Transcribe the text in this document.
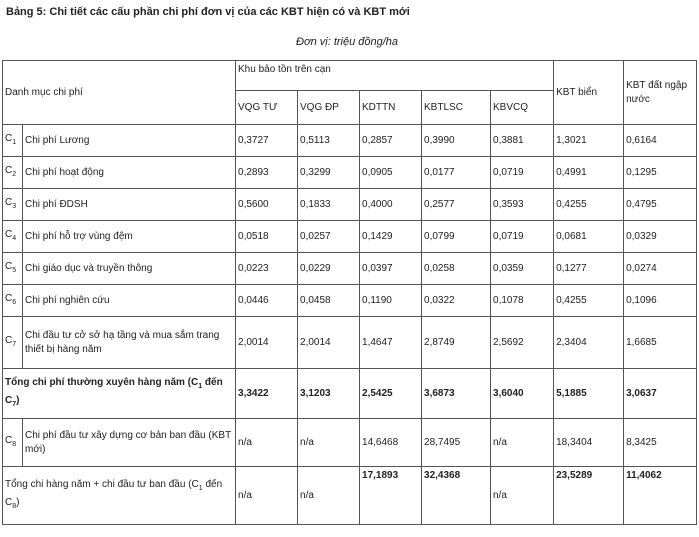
Bảng 5: Chi tiết các cấu phần chi phí đơn vị của các KBT hiện có và KBT mới
Đơn vị: triệu đồng/ha
Danh mục chi phí		Khu bảo tồn trên cạn					KBT biển	KBT đất ngập nước
		VQG TƯ	VQG ĐP	KDTTN	KBTLSC	KBVCQ		
$C_1$	Chi phí Lương	0,3727	0,5113	0,2857	0,3990	0,3881	1,3021	0,6164
$C_2$	Chi phí hoạt động	0,2893	0,3299	0,0905	0,0177	0,0719	0,4991	0,1295
$C_3$	Chi phí ĐDSH	0,5600	0,1833	0,4000	0,2577	0,3593	0,4255	0,4795
$C_4$	Chi phí hỗ trợ vùng đệm	0,0518	0,0257	0,1429	0,0799	0,0719	0,0681	0,0329
$C_5$	Chi giáo dục và truyền thông	0,0223	0,0229	0,0397	0,0258	0,0359	0,1277	0,0274
$C_6$	Chi phí nghiên cứu	0,0446	0,0458	0,1190	0,0322	0,1078	0,4255	0,1096
$C_7$	Chi đầu tư cở sở hạ tầng và mua sắm trang thiết bị hàng năm	2,0014	2,0014	1,4647	2,8749	2,5692	2,3404	1,6685
Tổng chi phí thường xuyên hàng năm ($C_1$ đến $C_7$)		3,3422	3,1203	2,5425	3,6873	3,6040	5,1885	3,0637
$C_8$	Chi phí đầu tư xây dựng cơ bản ban đầu (KBT mới)	n/a	n/a	14,6468	28,7495	n/a	18,3404	8,3425
Tổng chi hàng năm + chi đầu tư ban đầu ($C_1$ đến $C_8$)		n/a	n/a	17,1893	32,4368	n/a	23,5289	11,4062
